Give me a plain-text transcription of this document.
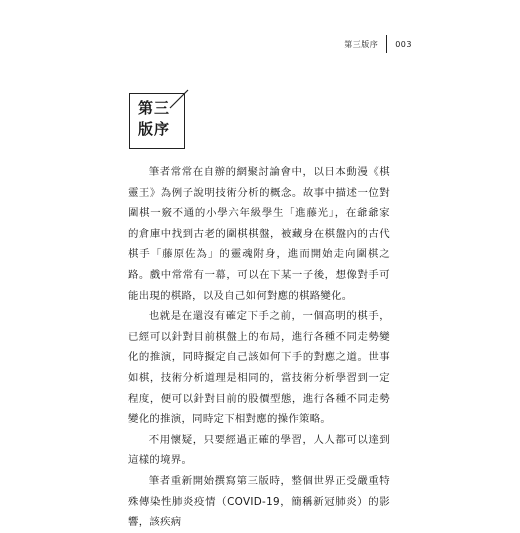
第三版序 003
第三
版序

筆者常常在自辦的網聚討論會中，以日本動漫《棋靈王》為例子說明技術分析的概念。故事中描述一位對圍棋一竅不通的小學六年級學生「進藤光」，在爺爺家的倉庫中找到古老的圍棋棋盤，被藏身在棋盤內的古代棋手「藤原佐為」的靈魂附身，進而開始走向圍棋之路。戲中常常有一幕，可以在下某一子後，想像對手可能出現的棋路，以及自己如何對應的棋路變化。

也就是在還沒有確定下手之前，一個高明的棋手，已經可以針對目前棋盤上的布局，進行各種不同走勢變化的推演，同時擬定自己該如何下手的對應之道。世事如棋，技術分析道理是相同的，當技術分析學習到一定程度，便可以針對目前的股價型態，進行各種不同走勢變化的推演，同時定下相對應的操作策略。

不用懷疑，只要經過正確的學習，人人都可以達到這樣的境界。

筆者重新開始撰寫第三版時，整個世界正受嚴重特殊傳染性肺炎疫情（COVID-19，簡稱新冠肺炎）的影響，該疾病
